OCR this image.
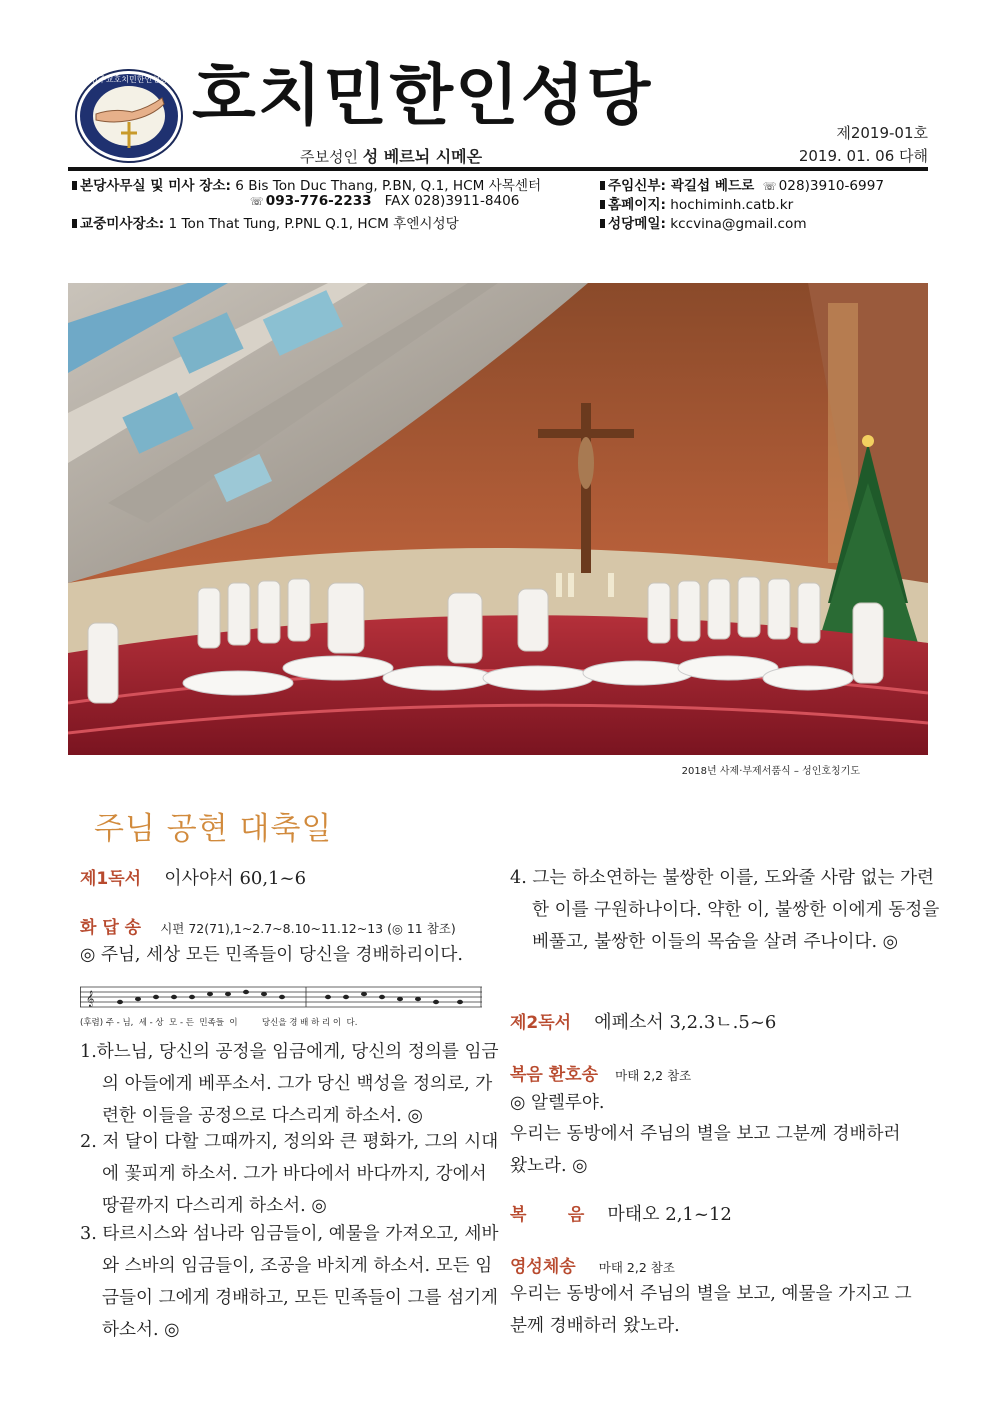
천주교호치민한인성당 호치민한인성당
주보성인 성 베르뇌 시메온
제2019-01호
2019. 01. 06 다해
본당사무실 및 미사 장소: 6 Bis Ton Duc Thang, P.BN, Q.1, HCM 사목센터
☏ 093-776-2233 FAX 028)3911-8406
교중미사장소: 1 Ton That Tung, P.PNL Q.1, HCM 후엔시성당
주임신부: 곽길섭 베드로 ☏ 028)3910-6997
홈페이지: hochiminh.catb.kr
성당메일: kccvina@gmail.com
2018년 사제·부제서품식 – 성인호칭기도
주님 공현 대축일
제1독서 이사야서 60,1~6
화 답 송 시편 72(71),1~2.7~8.10~11.12~13 (◎ 11 참조)
◎ 주님, 세상 모든 민족들이 당신을 경배하리이다.
𝄞
(후렴) 주 - 님,  세 - 상  모 - 든  민족들  이         당신을 경 배 하 리 이  다.
1.하느님, 당신의 공정을 임금에게, 당신의 정의를 임금의 아들에게 베푸소서. 그가 당신 백성을 정의로, 가련한 이들을 공정으로 다스리게 하소서. ◎
2. 저 달이 다할 그때까지, 정의와 큰 평화가, 그의 시대에 꽃피게 하소서. 그가 바다에서 바다까지, 강에서 땅끝까지 다스리게 하소서. ◎
3. 타르시스와 섬나라 임금들이, 예물을 가져오고, 세바와 스바의 임금들이, 조공을 바치게 하소서. 모든 임금들이 그에게 경배하고, 모든 민족들이 그를 섬기게 하소서. ◎
4. 그는 하소연하는 불쌍한 이를, 도와줄 사람 없는 가련한 이를 구원하나이다. 약한 이, 불쌍한 이에게 동정을 베풀고, 불쌍한 이들의 목숨을 살려 주나이다. ◎
제2독서 에페소서 3,2.3ㄴ.5~6
복음 환호송 마태 2,2 참조
◎ 알렐루야.
우리는 동방에서 주님의 별을 보고 그분께 경배하러 왔노라. ◎
복       음 마태오 2,1~12
영성체송 마태 2,2 참조
우리는 동방에서 주님의 별을 보고, 예물을 가지고 그분께 경배하러 왔노라.
